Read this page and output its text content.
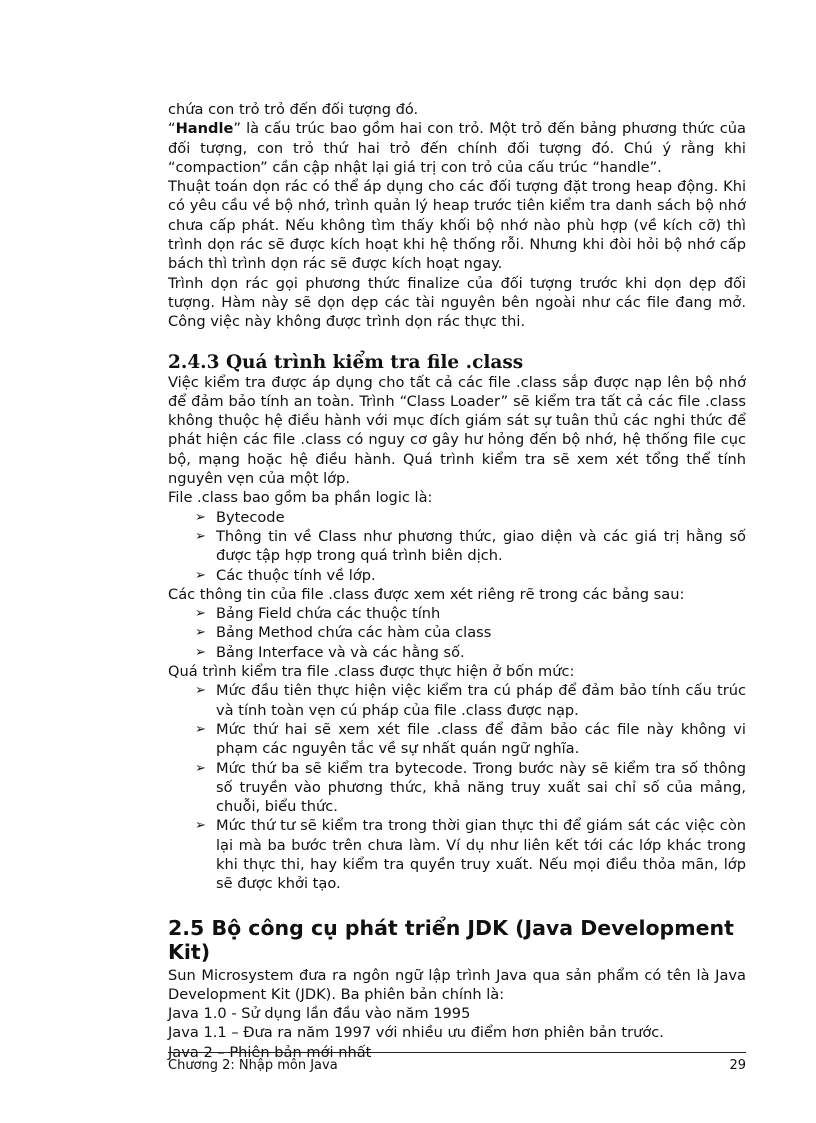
chứa con trỏ trỏ đến đối tượng đó.

“Handle” là cấu trúc bao gồm hai con trỏ. Một trỏ đến bảng phương thức của đối tượng, con trỏ thứ hai trỏ đến chính đối tượng đó. Chú ý rằng khi “compaction” cần cập nhật lại giá trị con trỏ của cấu trúc “handle”.

Thuật toán dọn rác có thể áp dụng cho các đối tượng đặt trong heap động. Khi có yêu cầu về bộ nhớ, trình quản lý heap trước tiên kiểm tra danh sách bộ nhớ chưa cấp phát. Nếu không tìm thấy khối bộ nhớ nào phù hợp (về kích cỡ) thì trình dọn rác sẽ được kích hoạt khi hệ thống rỗi. Nhưng khi đòi hỏi bộ nhớ cấp bách thì trình dọn rác sẽ được kích hoạt ngay.

Trình dọn rác gọi phương thức finalize của đối tượng trước khi dọn dẹp đối tượng. Hàm này sẽ dọn dẹp các tài nguyên bên ngoài như các file đang mở. Công việc này không được trình dọn rác thực thi.

2.4.3 Quá trình kiểm tra file .class

Việc kiểm tra được áp dụng cho tất cả các file .class sắp được nạp lên bộ nhớ để đảm bảo tính an toàn. Trình “Class Loader” sẽ kiểm tra tất cả các file .class không thuộc hệ điều hành với mục đích giám sát sự tuân thủ các nghi thức để phát hiện các file .class có nguy cơ gây hư hỏng đến bộ nhớ, hệ thống file cục bộ, mạng hoặc hệ điều hành. Quá trình kiểm tra sẽ xem xét tổng thể tính nguyên vẹn của một lớp.

File .class bao gồm ba phần logic là:

➢ Bytecode
➢ Thông tin về Class như phương thức, giao diện và các giá trị hằng số được tập hợp trong quá trình biên dịch.
➢ Các thuộc tính về lớp.

Các thông tin của file .class được xem xét riêng rẽ trong các bảng sau:

➢ Bảng Field chứa các thuộc tính
➢ Bảng Method chứa các hàm của class
➢ Bảng Interface và và các hằng số.

Quá trình kiểm tra file .class được thực hiện ở bốn mức:

➢ Mức đầu tiên thực hiện việc kiểm tra cú pháp để đảm bảo tính cấu trúc và tính toàn vẹn cú pháp của file .class được nạp.
➢ Mức thứ hai sẽ xem xét file .class để đảm bảo các file này không vi phạm các nguyên tắc về sự nhất quán ngữ nghĩa.
➢ Mức thứ ba sẽ kiểm tra bytecode. Trong bước này sẽ kiểm tra số thông số truyền vào phương thức, khả năng truy xuất sai chỉ số của mảng, chuỗi, biểu thức.
➢ Mức thứ tư sẽ kiểm tra trong thời gian thực thi để giám sát các việc còn lại mà ba bước trên chưa làm. Ví dụ như liên kết tới các lớp khác trong khi thực thi, hay kiểm tra quyền truy xuất. Nếu mọi điều thỏa mãn, lớp sẽ được khởi tạo.
2.5 Bộ công cụ phát triển JDK (Java Development Kit)

Sun Microsystem đưa ra ngôn ngữ lập trình Java qua sản phẩm có tên là Java Development Kit (JDK). Ba phiên bản chính là:

Java 1.0 - Sử dụng lần đầu vào năm 1995

Java 1.1 – Đưa ra năm 1997 với nhiều ưu điểm hơn phiên bản trước.

Java 2 – Phiên bản mới nhất

Chương 2: Nhập môn Java	29
